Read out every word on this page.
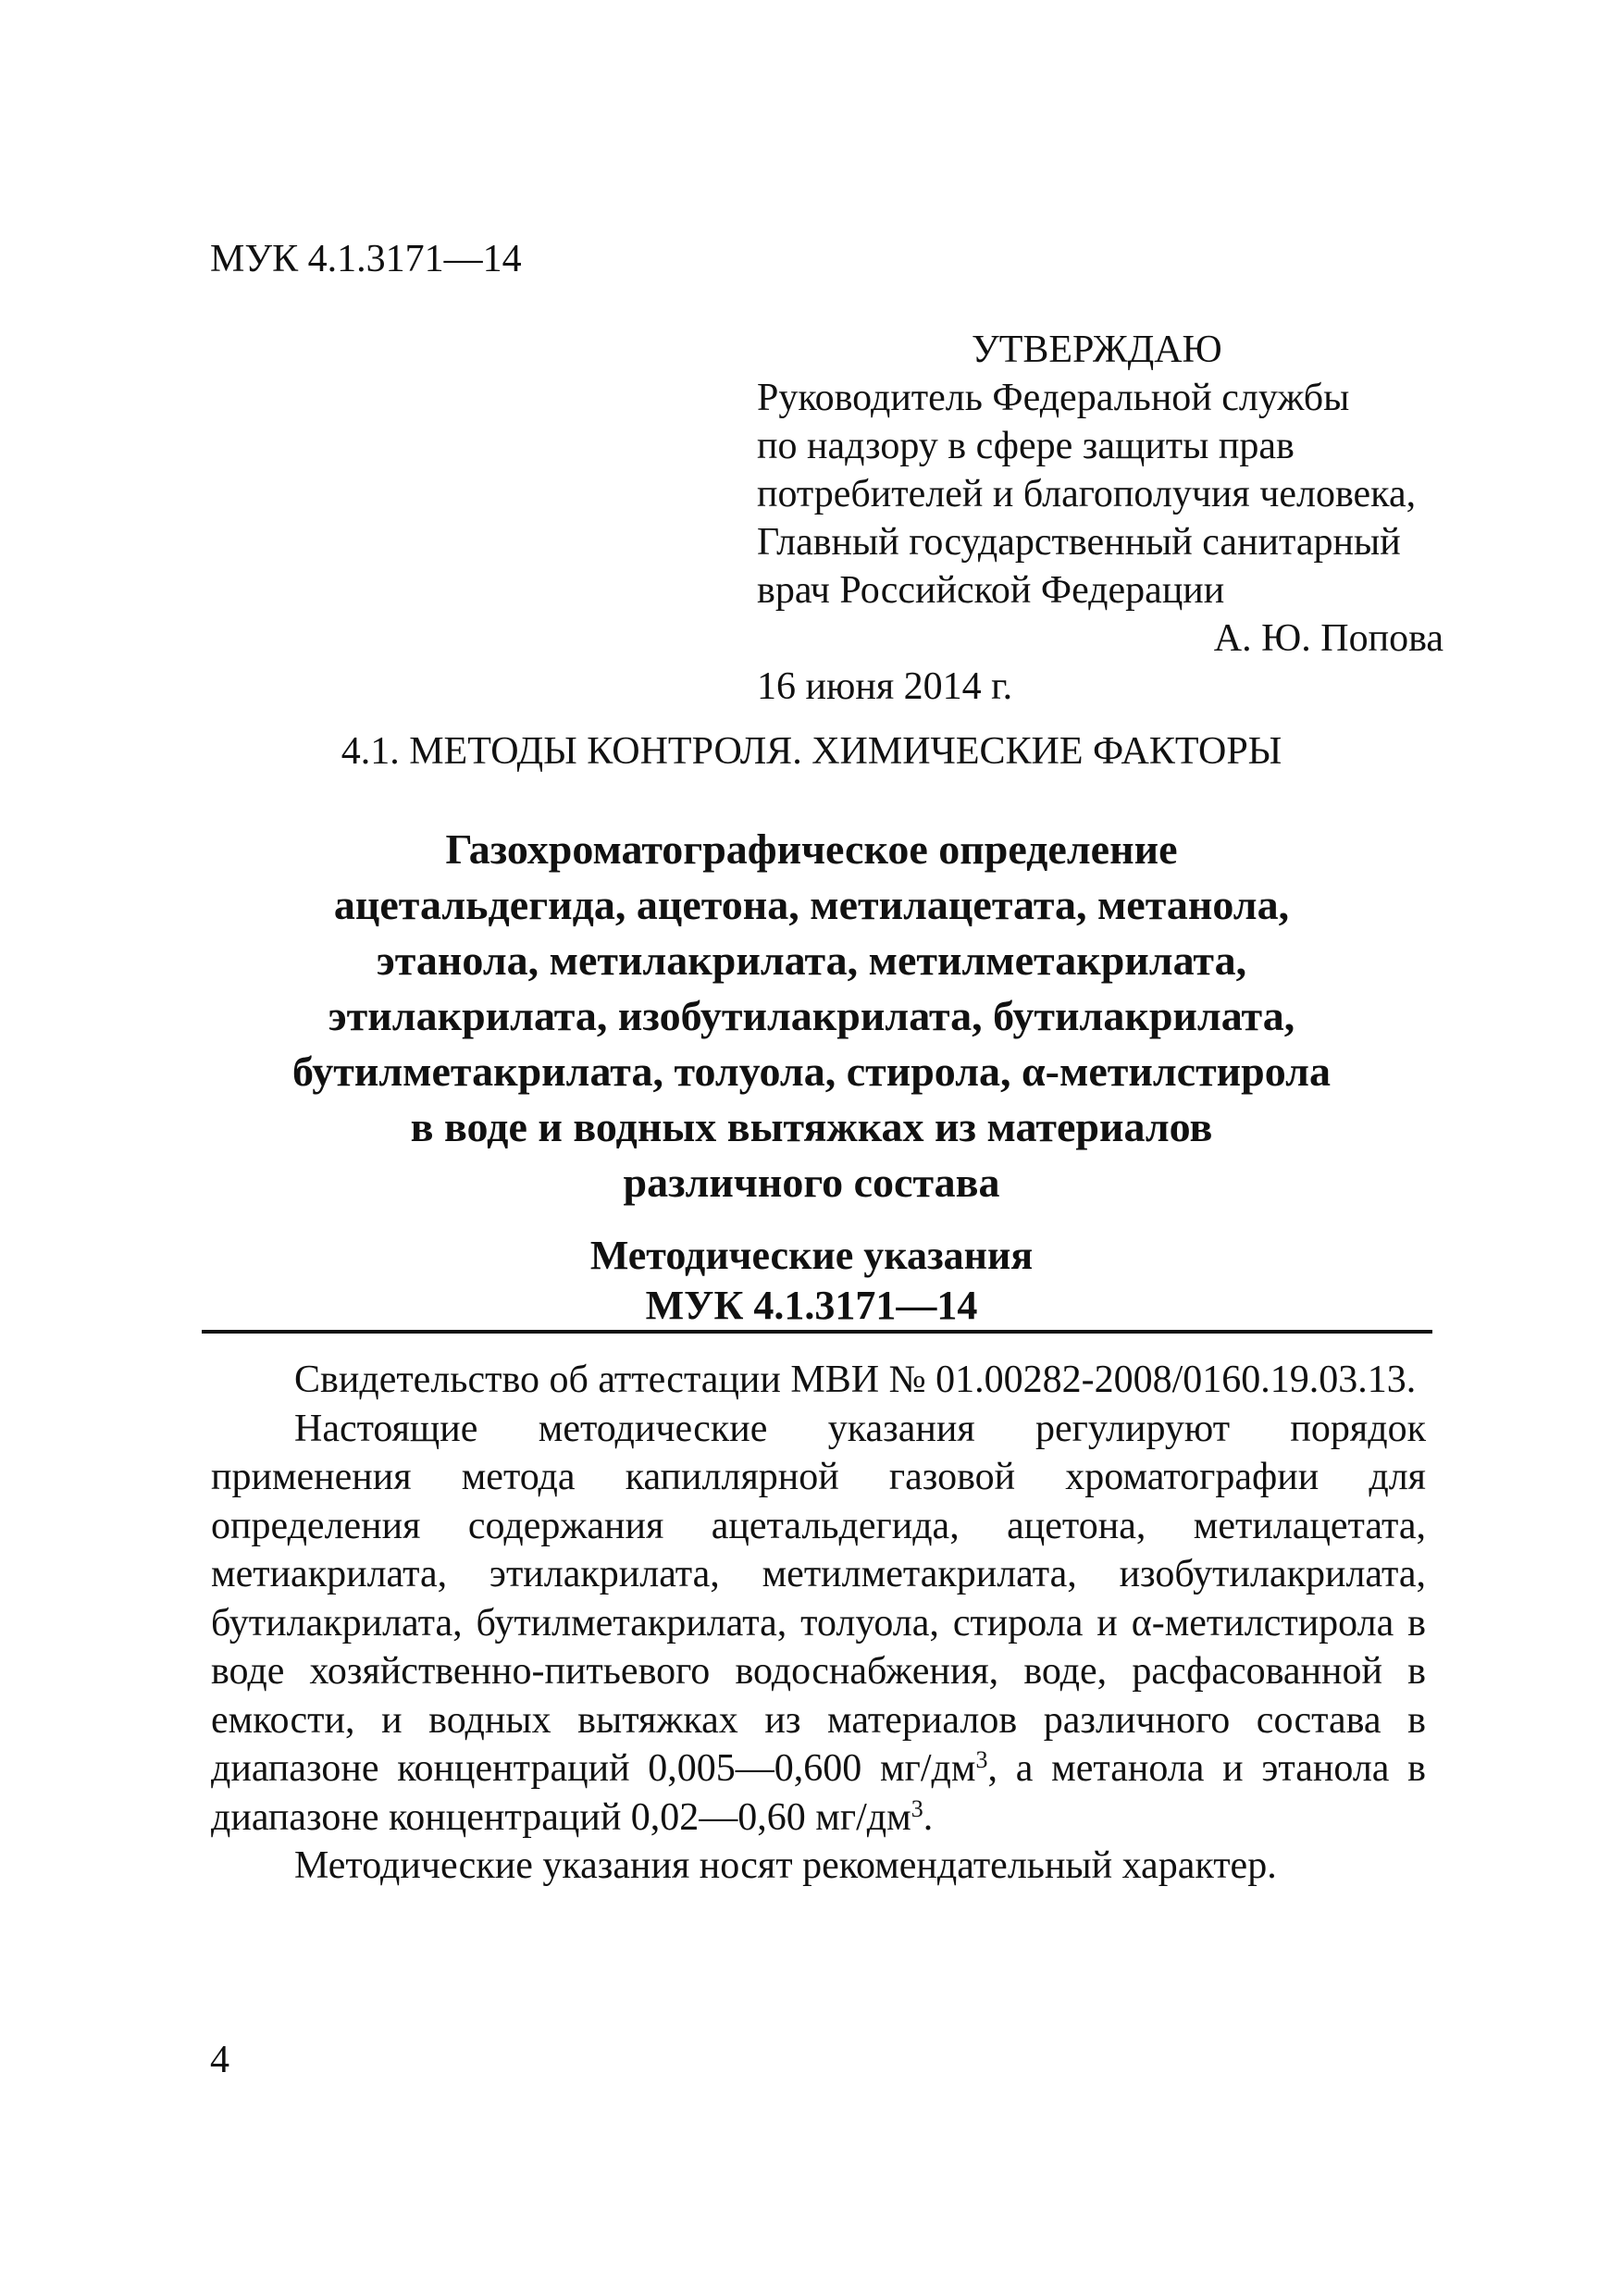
МУК 4.1.3171—14
УТВЕРЖДАЮ
Руководитель Федеральной службы
по надзору в сфере защиты прав
потребителей и благополучия человека,
Главный государственный санитарный
врач Российской Федерации
А. Ю. Попова
16 июня 2014 г.
4.1. МЕТОДЫ КОНТРОЛЯ. ХИМИЧЕСКИЕ ФАКТОРЫ
Газохроматографическое определение
ацетальдегида, ацетона, метилацетата, метанола,
этанола, метилакрилата, метилметакрилата,
этилакрилата, изобутилакрилата, бутилакрилата,
бутилметакрилата, толуола, стирола, α-метилстирола
в воде и водных вытяжках из материалов
различного состава
Методические указания
МУК 4.1.3171—14

Свидетельство об аттестации МВИ № 01.00282-2008/0160.19.03.13.

Настоящие методические указания регулируют порядок применения метода капиллярной газовой хроматографии для определения содержания ацетальдегида, ацетона, метилацетата, метиакрилата, этилакрилата, метилметакрилата, изобутилакрилата, бутилакрилата, бутилметакрилата, толуола, стирола и α-метилстирола в воде хозяйственно-питьевого водоснабжения, воде, расфасованной в емкости, и водных вытяжках из материалов различного состава в диапазоне концентраций 0,005—0,600 $мг/дм^3$, а метанола и этанола в диапазоне концентраций 0,02—0,60 $мг/дм^3$.

Методические указания носят рекомендательный характер.

4
